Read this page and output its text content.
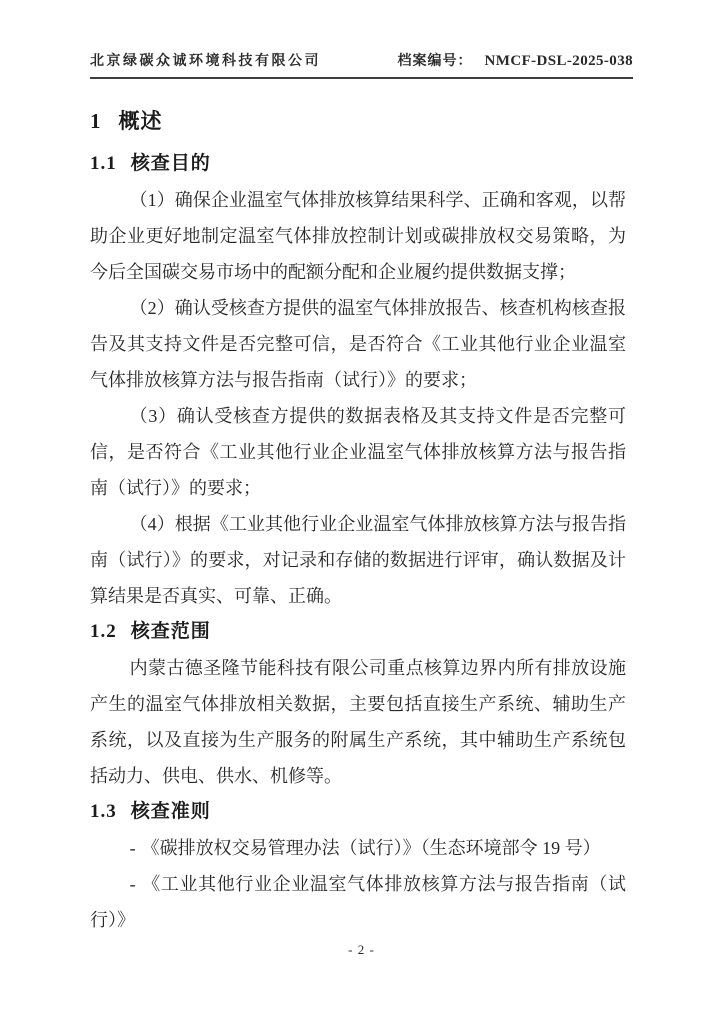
北京绿碳众诚环境科技有限公司	档案编号： NMCF-DSL-2025-038
1 概述
1.1 核查目的

（1）确保企业温室气体排放核算结果科学、正确和客观，以帮助企业更好地制定温室气体排放控制计划或碳排放权交易策略，为今后全国碳交易市场中的配额分配和企业履约提供数据支撑；

（2）确认受核查方提供的温室气体排放报告、核查机构核查报告及其支持文件是否完整可信，是否符合《工业其他行业企业温室气体排放核算方法与报告指南（试行）》的要求；

（3）确认受核查方提供的数据表格及其支持文件是否完整可信，是否符合《工业其他行业企业温室气体排放核算方法与报告指南（试行）》的要求；

（4）根据《工业其他行业企业温室气体排放核算方法与报告指南（试行）》的要求，对记录和存储的数据进行评审，确认数据及计算结果是否真实、可靠、正确。

1.2 核查范围

内蒙古德圣隆节能科技有限公司重点核算边界内所有排放设施产生的温室气体排放相关数据，主要包括直接生产系统、辅助生产系统，以及直接为生产服务的附属生产系统，其中辅助生产系统包括动力、供电、供水、机修等。

1.3 核查准则

- 《碳排放权交易管理办法（试行）》（生态环境部令 19 号）

- 《工业其他行业企业温室气体排放核算方法与报告指南（试行）》

- 2 -
